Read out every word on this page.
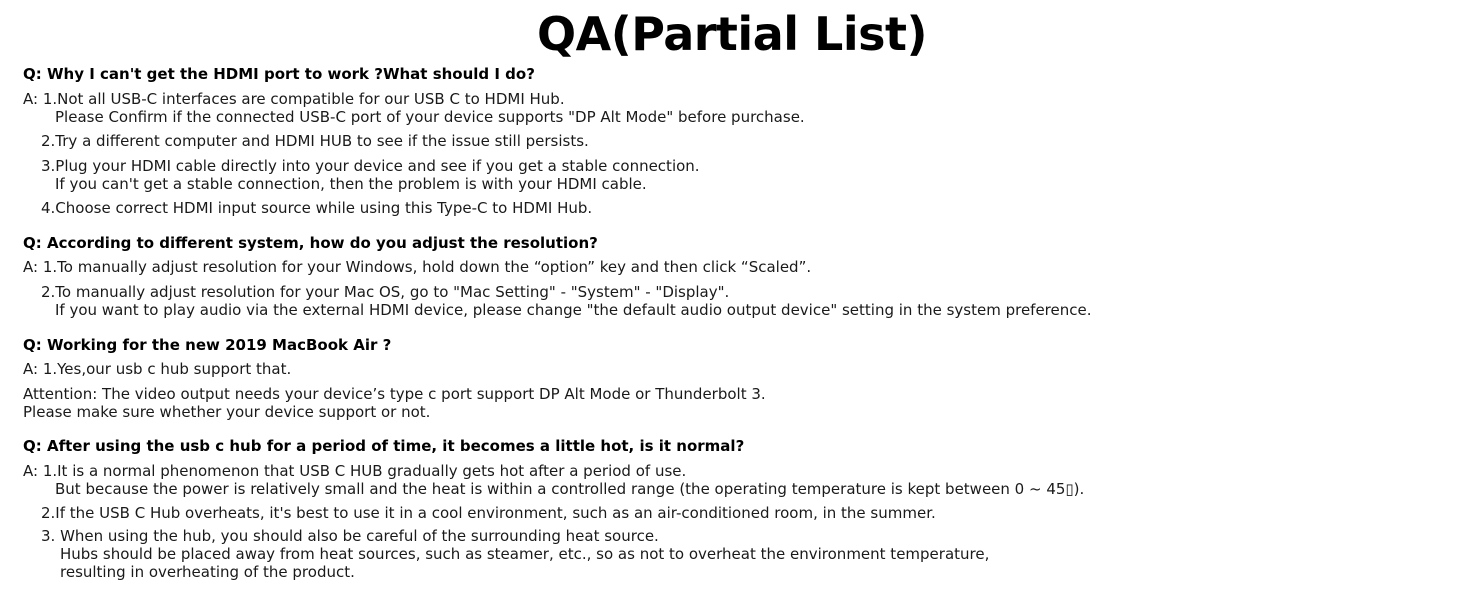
QA(Partial List)
Q: Why I can't get the HDMI port to work ?What should I do?
A: 1.Not all USB-C interfaces are compatible for our USB C to HDMI Hub.
Please Confirm if the connected USB-C port of your device supports "DP Alt Mode" before purchase.
2.Try a different computer and HDMI HUB to see if the issue still persists.
3.Plug your HDMI cable directly into your device and see if you get a stable connection.
If you can't get a stable connection, then the problem is with your HDMI cable.
4.Choose correct HDMI input source while using this Type-C to HDMI Hub.
Q: According to different system, how do you adjust the resolution?
A: 1.To manually adjust resolution for your Windows, hold down the “option” key and then click “Scaled”.
2.To manually adjust resolution for your Mac OS, go to "Mac Setting" - "System" - "Display".
If you want to play audio via the external HDMI device, please change "the default audio output device" setting in the system preference.
Q: Working for the new 2019 MacBook Air ?
A: 1.Yes,our usb c hub support that.
Attention: The video output needs your device’s type c port support DP Alt Mode or Thunderbolt 3.
Please make sure whether your device support or not.
Q: After using the usb c hub for a period of time, it becomes a little hot, is it normal?
A: 1.It is a normal phenomenon that USB C HUB gradually gets hot after a period of use.
But because the power is relatively small and the heat is within a controlled range (the operating temperature is kept between 0 ~ 45▯).
2.If the USB C Hub overheats, it's best to use it in a cool environment, such as an air-conditioned room, in the summer.
3. When using the hub, you should also be careful of the surrounding heat source.
Hubs should be placed away from heat sources, such as steamer, etc., so as not to overheat the environment temperature,
resulting in overheating of the product.
